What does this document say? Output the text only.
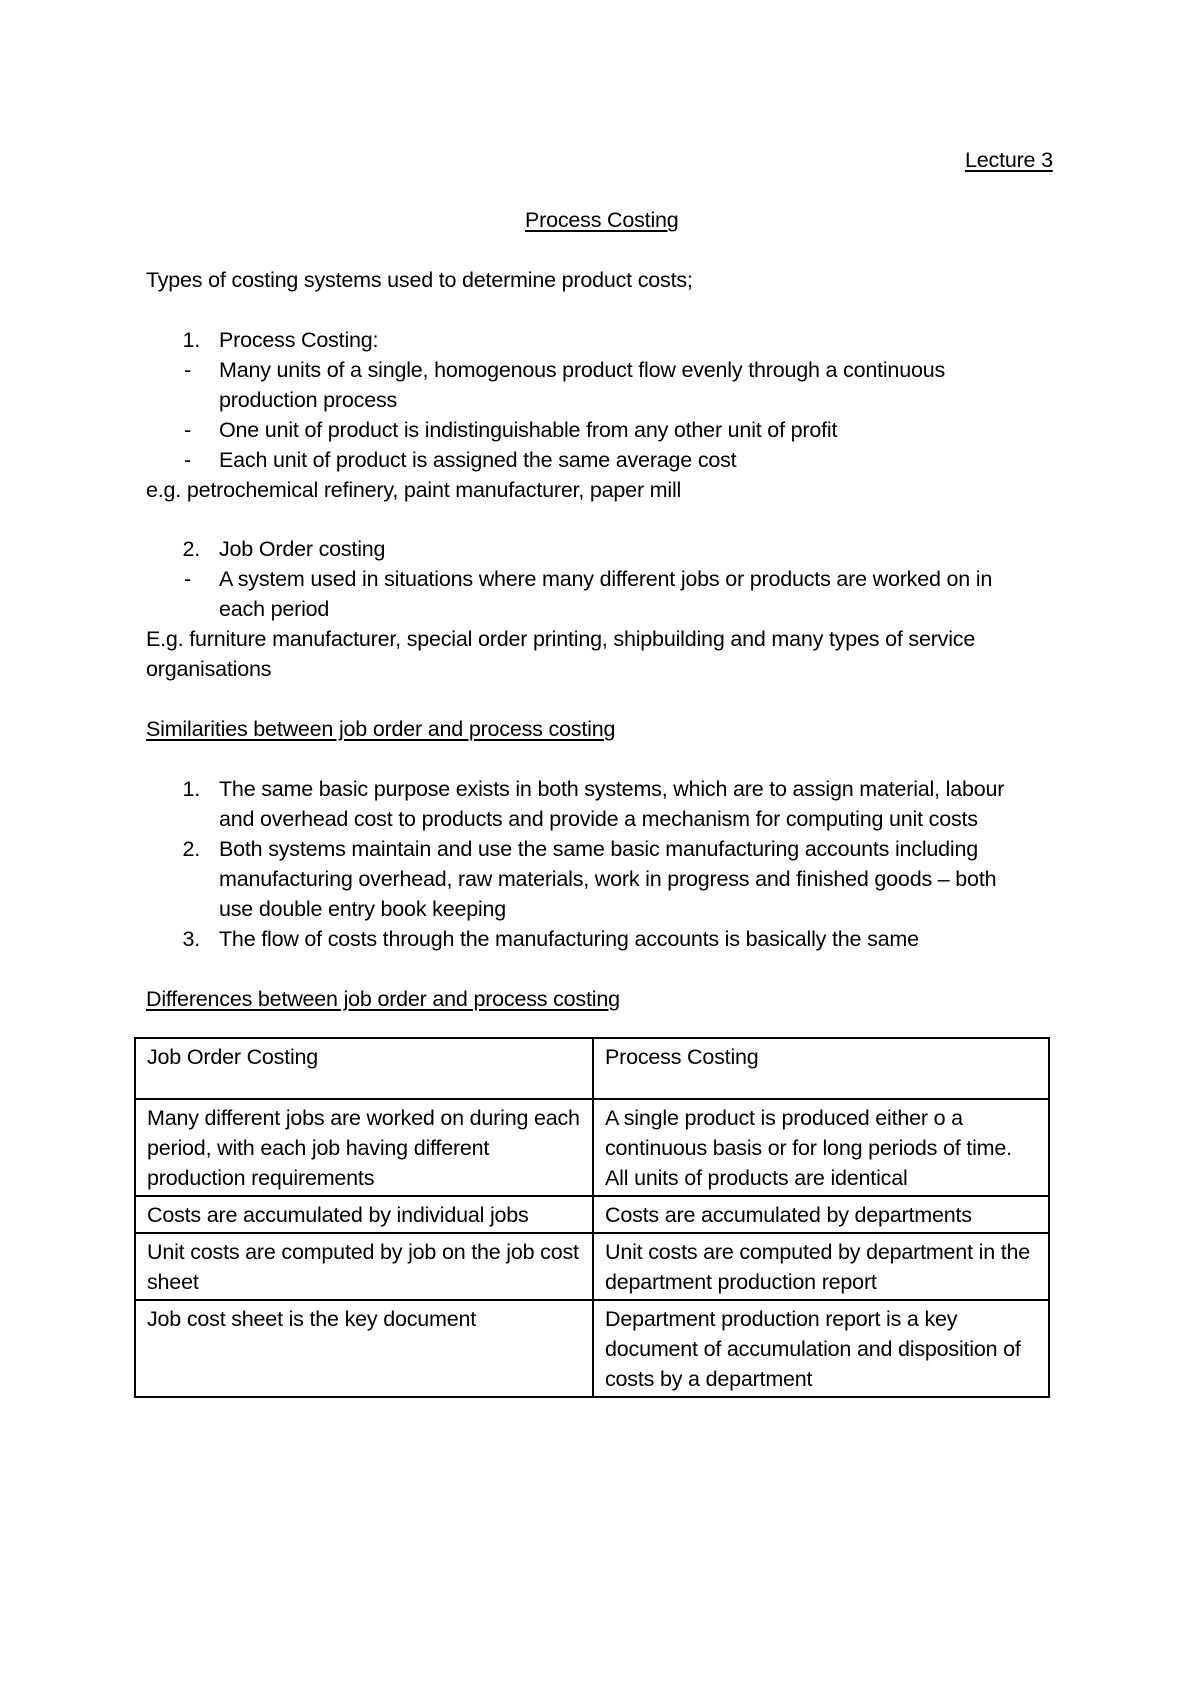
Lecture 3
Process Costing
Types of costing systems used to determine product costs;
1. Process Costing:
- Many units of a single, homogenous product flow evenly through a continuous
production process
- One unit of product is indistinguishable from any other unit of profit
- Each unit of product is assigned the same average cost
e.g. petrochemical refinery, paint manufacturer, paper mill
2. Job Order costing
- A system used in situations where many different jobs or products are worked on in
each period
E.g. furniture manufacturer, special order printing, shipbuilding and many types of service
organisations
Similarities between job order and process costing
1. The same basic purpose exists in both systems, which are to assign material, labour
and overhead cost to products and provide a mechanism for computing unit costs
2. Both systems maintain and use the same basic manufacturing accounts including
manufacturing overhead, raw materials, work in progress and finished goods – both
use double entry book keeping
3. The flow of costs through the manufacturing accounts is basically the same
Differences between job order and process costing
Job Order Costing	Process Costing
Many different jobs are worked on during each period, with each job having different production requirements	A single product is produced either o a continuous basis or for long periods of time. All units of products are identical
Costs are accumulated by individual jobs	Costs are accumulated by departments
Unit costs are computed by job on the job cost sheet	Unit costs are computed by department in the department production report
Job cost sheet is the key document	Department production report is a key document of accumulation and disposition of costs by a department
